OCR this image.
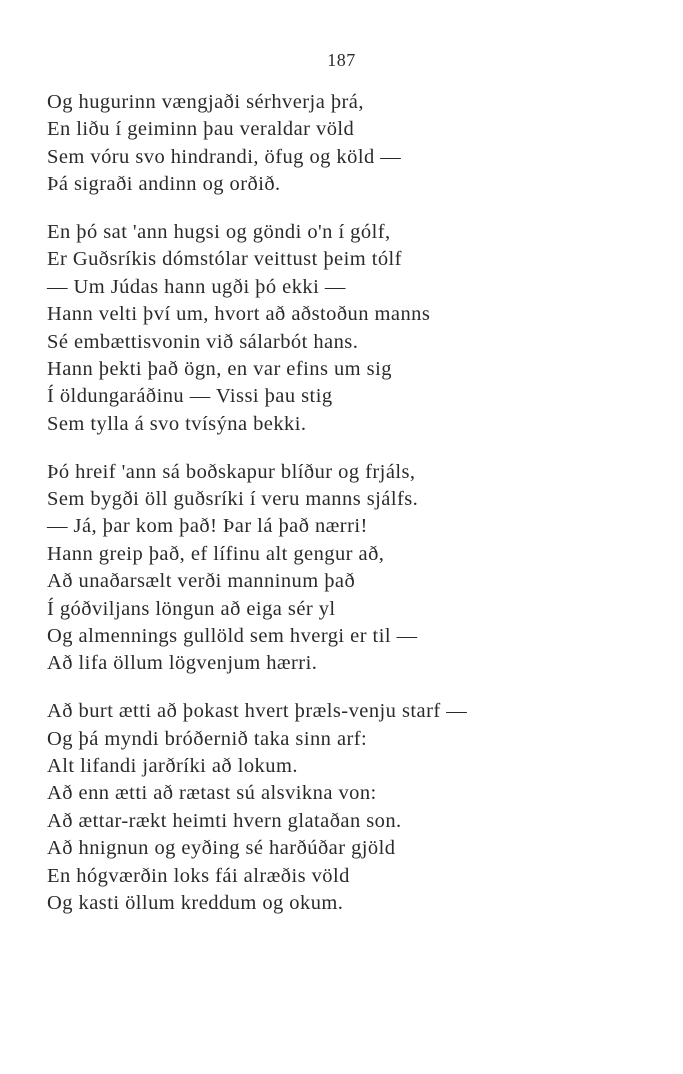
187
Og hugurinn vængjaði sérhverja þrá,
En liðu í geiminn þau veraldar völd
Sem vóru svo hindrandi, öfug og köld —
Þá sigraði andinn og orðið.
En þó sat 'ann hugsi og göndi o'n í gólf,
Er Guðsríkis dómstólar veittust þeim tólf
— Um Júdas hann ugði þó ekki —
Hann velti því um, hvort að aðstoðun manns
Sé embættisvonin við sálarbót hans.
Hann þekti það ögn, en var efins um sig
Í öldungaráðinu — Vissi þau stig
Sem tylla á svo tvísýna bekki.
Þó hreif 'ann sá boðskapur blíður og frjáls,
Sem bygði öll guðsríki í veru manns sjálfs.
— Já, þar kom það! Þar lá það nærri!
Hann greip það, ef lífinu alt gengur að,
Að unaðarsælt verði manninum það
Í góðviljans löngun að eiga sér yl
Og almennings gullöld sem hvergi er til —
Að lifa öllum lögvenjum hærri.
Að burt ætti að þokast hvert þræls-venju starf —
Og þá myndi bróðernið taka sinn arf:
Alt lifandi jarðríki að lokum.
Að enn ætti að rætast sú alsvikna von:
Að ættar-rækt heimti hvern glataðan son.
Að hnignun og eyðing sé harðúðar gjöld
En hógværðin loks fái alræðis völd
Og kasti öllum kreddum og okum.
